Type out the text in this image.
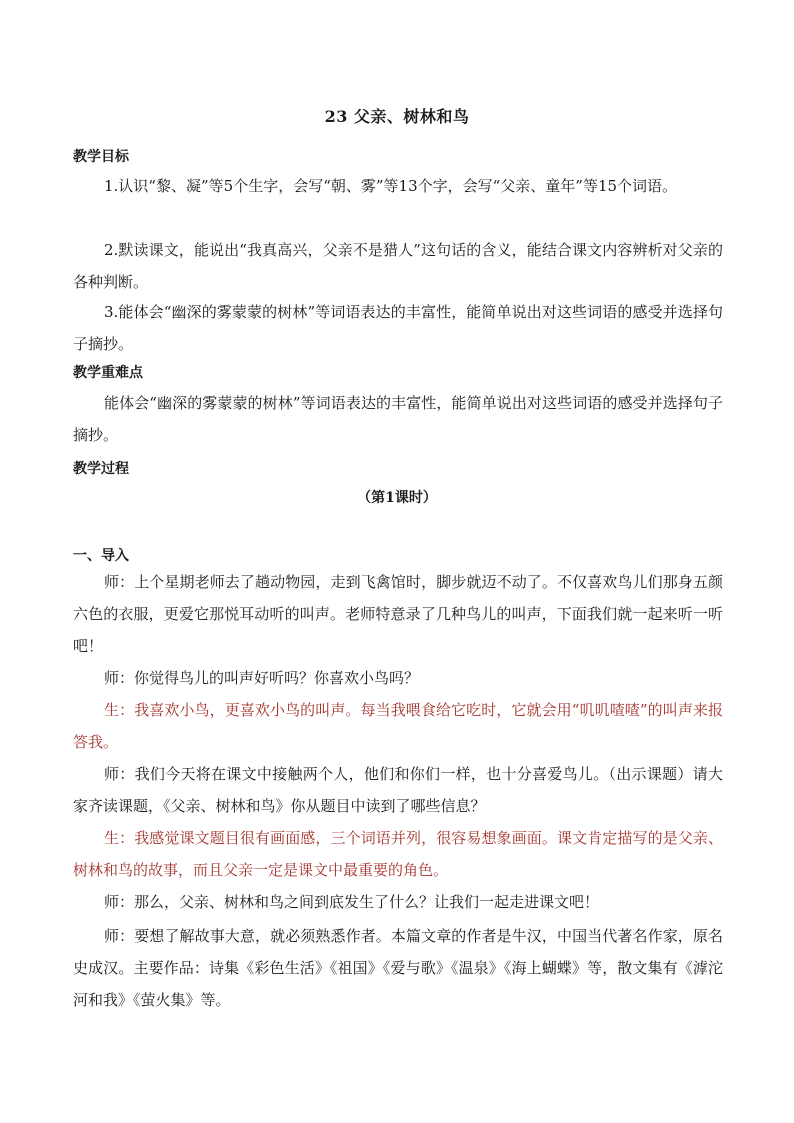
23 父亲、树林和鸟
教学目标
1.认识“黎、凝”等5个生字，会写“朝、雾”等13个字，会写“父亲、童年”等15个词语。
2.默读课文，能说出“我真高兴，父亲不是猎人”这句话的含义，能结合课文内容辨析对父亲的各种判断。
3.能体会“幽深的雾蒙蒙的树林”等词语表达的丰富性，能简单说出对这些词语的感受并选择句子摘抄。
教学重难点
能体会“幽深的雾蒙蒙的树林”等词语表达的丰富性，能简单说出对这些词语的感受并选择句子摘抄。
教学过程
（第1课时）
一、导入
师：上个星期老师去了趟动物园，走到飞禽馆时，脚步就迈不动了。不仅喜欢鸟儿们那身五颜六色的衣服，更爱它那悦耳动听的叫声。老师特意录了几种鸟儿的叫声，下面我们就一起来听一听吧！
师：你觉得鸟儿的叫声好听吗？你喜欢小鸟吗？
生：我喜欢小鸟，更喜欢小鸟的叫声。每当我喂食给它吃时，它就会用“叽叽喳喳”的叫声来报答我。
师：我们今天将在课文中接触两个人，他们和你们一样，也十分喜爱鸟儿。（出示课题）请大家齐读课题，《父亲、树林和鸟》你从题目中读到了哪些信息？
生：我感觉课文题目很有画面感，三个词语并列，很容易想象画面。课文肯定描写的是父亲、树林和鸟的故事，而且父亲一定是课文中最重要的角色。
师：那么，父亲、树林和鸟之间到底发生了什么？让我们一起走进课文吧！
师：要想了解故事大意，就必须熟悉作者。本篇文章的作者是牛汉，中国当代著名作家，原名史成汉。主要作品：诗集《彩色生活》《祖国》《爱与歌》《温泉》《海上蝴蝶》等，散文集有《滹沱河和我》《萤火集》等。
